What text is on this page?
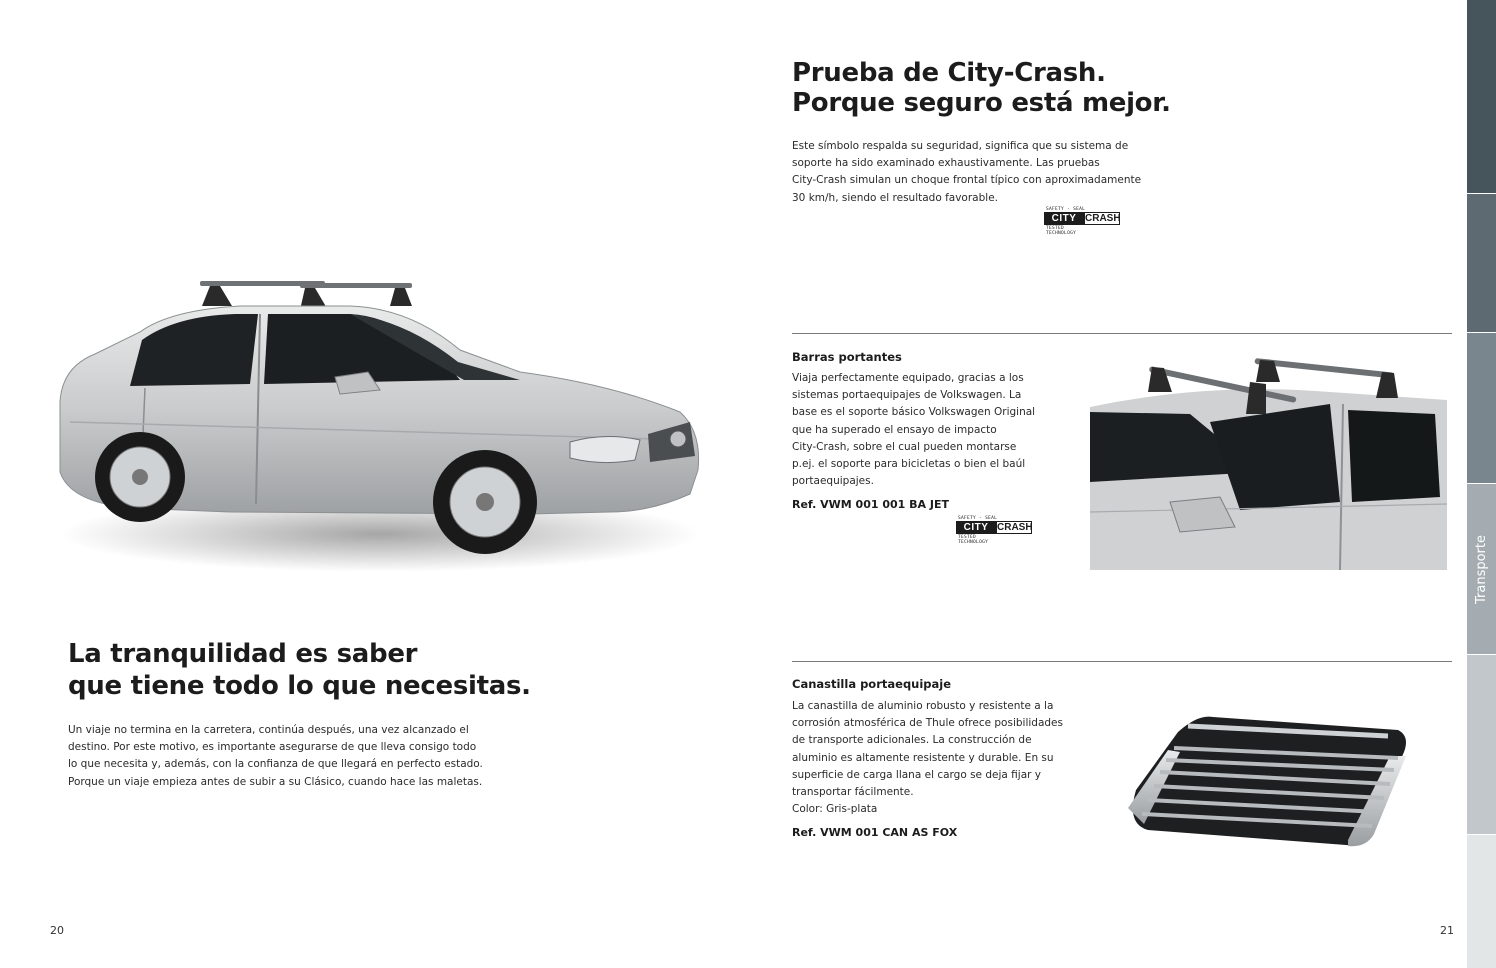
Transporte
La tranquilidad es saber
que tiene todo lo que necesitas.

Un viaje no termina en la carretera, continúa después, una vez alcanzado el
destino. Por este motivo, es importante asegurarse de que lleva consigo todo
lo que necesita y, además, con la confianza de que llegará en perfecto estado.
Porque un viaje empieza antes de subir a su Clásico, cuando hace las maletas.

20
Prueba de City-Crash.
Porque seguro está mejor.

Este símbolo respalda su seguridad, significa que su sistema de
soporte ha sido examinado exhaustivamente. Las pruebas
City-Crash simulan un choque frontal típico con aproximadamente
30 km/h, siendo el resultado favorable.

SAFETY - SEAL
CITY CRASH
TESTED
TECHNOLOGY
Barras portantes

Viaja perfectamente equipado, gracias a los
sistemas portaequipajes de Volkswagen. La
base es el soporte básico Volkswagen Original
que ha superado el ensayo de impacto
City-Crash, sobre el cual pueden montarse
p.ej. el soporte para bicicletas o bien el baúl
portaequipajes.

Ref. VWM 001 001 BA JET

SAFETY - SEAL
CITY CRASH
TESTED
TECHNOLOGY
Canastilla portaequipaje

La canastilla de aluminio robusto y resistente a la
corrosión atmosférica de Thule ofrece posibilidades
de transporte adicionales. La construcción de
aluminio es altamente resistente y durable. En su
superficie de carga llana el cargo se deja fijar y
transportar fácilmente.
Color: Gris-plata

Ref. VWM 001 CAN AS FOX

21
